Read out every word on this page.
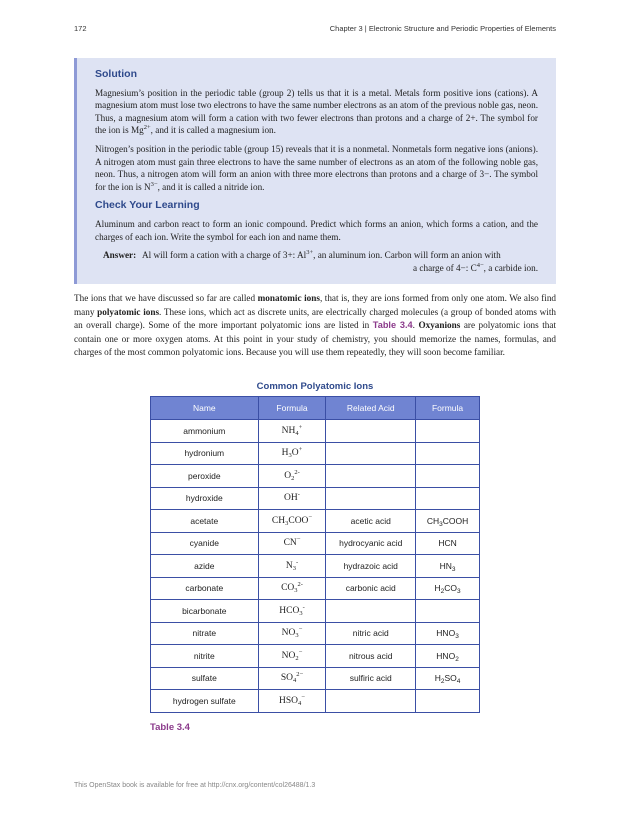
172	Chapter 3 | Electronic Structure and Periodic Properties of Elements
Solution

Magnesium’s position in the periodic table (group 2) tells us that it is a metal. Metals form positive ions (cations). A magnesium atom must lose two electrons to have the same number electrons as an atom of the previous noble gas, neon. Thus, a magnesium atom will form a cation with two fewer electrons than protons and a charge of 2+. The symbol for the ion is $Mg^{2+}$, and it is called a magnesium ion.

Nitrogen’s position in the periodic table (group 15) reveals that it is a nonmetal. Nonmetals form negative ions (anions). A nitrogen atom must gain three electrons to have the same number of electrons as an atom of the following noble gas, neon. Thus, a nitrogen atom will form an anion with three more electrons than protons and a charge of 3−. The symbol for the ion is $N^{3-}$, and it is called a nitride ion.

Check Your Learning

Aluminum and carbon react to form an ionic compound. Predict which forms an anion, which forms a cation, and the charges of each ion. Write the symbol for each ion and name them.

Answer: Al will form a cation with a charge of 3+: $Al^{3+}$, an aluminum ion. Carbon will form an anion with
a charge of 4−: $C^{4-}$, a carbide ion.
The ions that we have discussed so far are called monatomic ions, that is, they are ions formed from only one atom. We also find many polyatomic ions. These ions, which act as discrete units, are electrically charged molecules (a group of bonded atoms with an overall charge). Some of the more important polyatomic ions are listed in Table 3.4. Oxyanions are polyatomic ions that contain one or more oxygen atoms. At this point in your study of chemistry, you should memorize the names, formulas, and charges of the most common polyatomic ions. Because you will use them repeatedly, they will soon become familiar.
Common Polyatomic Ions
Name	Formula	Related Acid	Formula
ammonium	$NH_4^+$		
hydronium	$H_3O^+$		
peroxide	$O_2^{2-}$		
hydroxide	OH-		
acetate	$CH_3COO^-$	acetic acid	$CH_3COOH$
cyanide	CN−	hydrocyanic acid	HCN
azide	$N_3^-$	hydrazoic acid	$HN_3$
carbonate	$CO_3^{2-}$	carbonic acid	$H_2CO_3$
bicarbonate	$HCO_3^-$		
nitrate	$NO_3^-$	nitric acid	$HNO_3$
nitrite	$NO_2^-$	nitrous acid	$HNO_2$
sulfate	$SO_4^{2-}$	sulfiric acid	$H_2SO_4$
hydrogen sulfate	$HSO_4^-$		
Table 3.4
This OpenStax book is available for free at http://cnx.org/content/col26488/1.3
